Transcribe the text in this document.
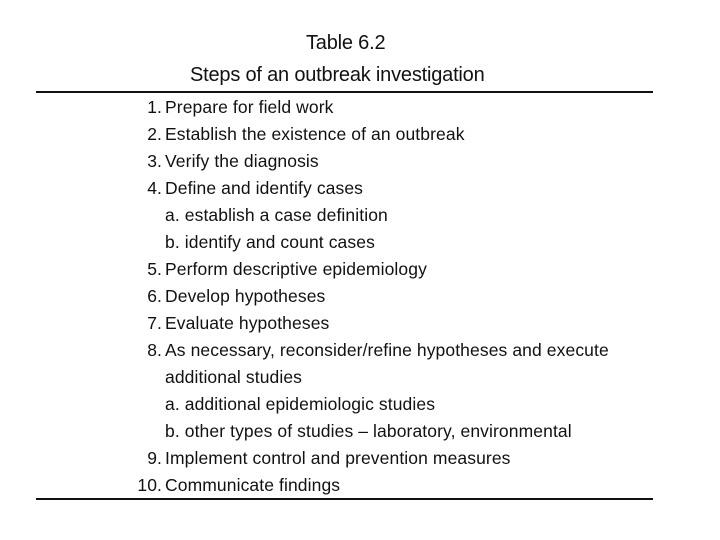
Table 6.2
Steps of an outbreak investigation
1. Prepare for field work
2. Establish the existence of an outbreak
3. Verify the diagnosis
4. Define and identify cases
a. establish a case definition
b. identify and count cases
5. Perform descriptive epidemiology
6. Develop hypotheses
7. Evaluate hypotheses
8. As necessary, reconsider/refine hypotheses and execute
additional studies
a. additional epidemiologic studies
b. other types of studies – laboratory, environmental
9. Implement control and prevention measures
10. Communicate findings
